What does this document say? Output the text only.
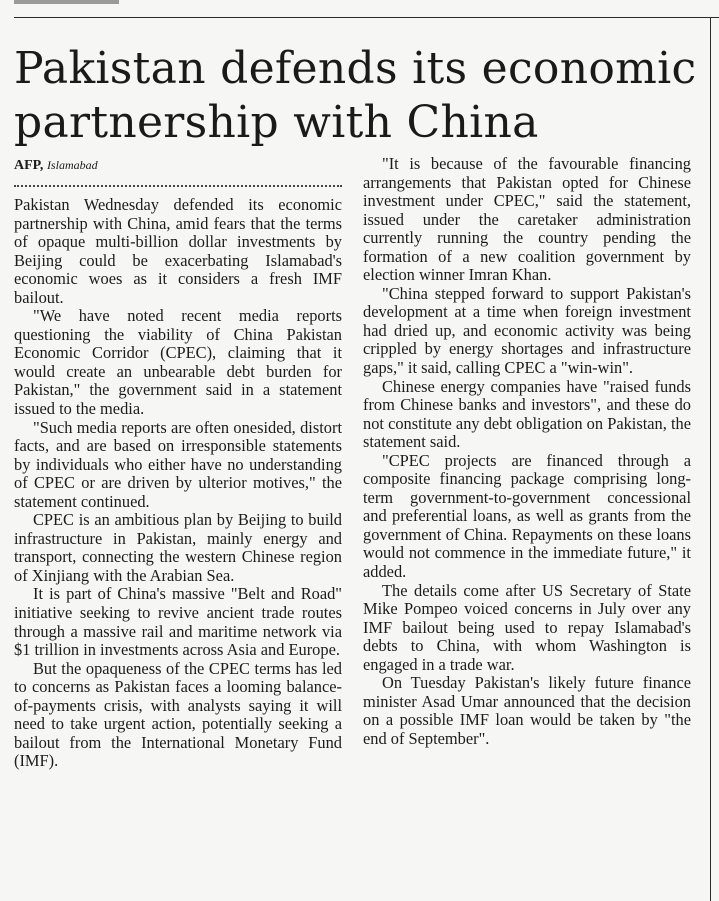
Pakistan defends its economic partnership with China
AFP, Islamabad

Pakistan Wednesday defended its economic partnership with China, amid fears that the terms of opaque multi-billion dollar investments by Beijing could be exacerbating Islamabad's economic woes as it considers a fresh IMF bailout.

"We have noted recent media reports questioning the viability of China Pakistan Economic Corridor (CPEC), claiming that it would create an unbearable debt burden for Pakistan," the government said in a statement issued to the media.

"Such media reports are often onesided, distort facts, and are based on irresponsible statements by individuals who either have no understanding of CPEC or are driven by ulterior motives," the statement continued.

CPEC is an ambitious plan by Beijing to build infrastructure in Pakistan, mainly energy and transport, connecting the western Chinese region of Xinjiang with the Arabian Sea.

It is part of China's massive "Belt and Road" initiative seeking to revive ancient trade routes through a massive rail and maritime network via $1 trillion in investments across Asia and Europe.

But the opaqueness of the CPEC terms has led to concerns as Pakistan faces a looming balance-of-payments crisis, with analysts saying it will need to take urgent action, potentially seeking a bailout from the International Monetary Fund (IMF).

"It is because of the favourable financing arrangements that Pakistan opted for Chinese investment under CPEC," said the statement, issued under the caretaker administration currently running the country pending the formation of a new coalition government by election winner Imran Khan.

"China stepped forward to support Pakistan's development at a time when foreign investment had dried up, and economic activity was being crippled by energy shortages and infrastructure gaps," it said, calling CPEC a "win-win".

Chinese energy companies have "raised funds from Chinese banks and investors", and these do not constitute any debt obligation on Pakistan, the statement said.

"CPEC projects are financed through a composite financing package comprising long-term government-to-government concessional and preferential loans, as well as grants from the government of China. Repayments on these loans would not commence in the immediate future," it added.

The details come after US Secretary of State Mike Pompeo voiced concerns in July over any IMF bailout being used to repay Islamabad's debts to China, with whom Washington is engaged in a trade war.

On Tuesday Pakistan's likely future finance minister Asad Umar announced that the decision on a possible IMF loan would be taken by "the end of September".
